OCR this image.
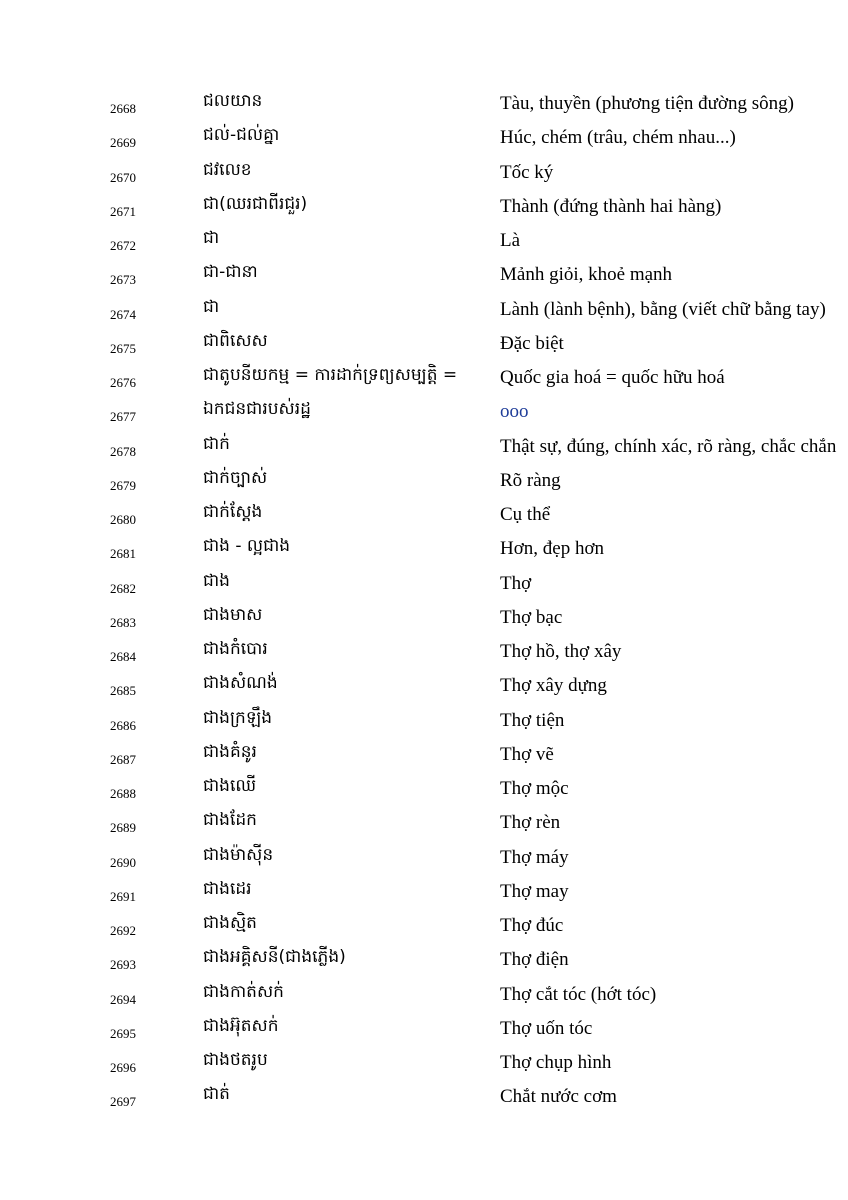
2668	ជលយាន	Tàu, thuyền (phương tiện đường sông)
2669	ជល់-ជល់គ្នា	Húc, chém (trâu, chém nhau...)
2670	ជវលេខ	Tốc ký
2671	ជា(ឈរជាពីរជួរ)	Thành (đứng thành hai hàng)
2672	ជា	Là
2673	ជា-ជានា	Mảnh giỏi, khoẻ mạnh
2674	ជា	Lành (lành bệnh), bằng (viết chữ bằng tay)
2675	ជាពិសេស	Đặc biệt
2676	ជាតូបនីយកម្ម = ការដាក់ទ្រព្យសម្បត្តិ = Quốc gia hoá = quốc hữu hoá
2677	ឯកជនជារបស់រដ្ឋ	ooo
2678	ជាក់	Thật sự, đúng, chính xác, rõ ràng, chắc chắn
2679	ជាក់ច្បាស់	Rõ ràng
2680	ជាក់ស្តែង	Cụ thể
2681	ជាង - ល្អជាង	Hơn, đẹp hơn
2682	ជាង	Thợ
2683	ជាងមាស	Thợ bạc
2684	ជាងកំបោរ	Thợ hồ, thợ xây
2685	ជាងសំណង់	Thợ xây dựng
2686	ជាងក្រឡឹង	Thợ tiện
2687	ជាងគំនូរ	Thợ vẽ
2688	ជាងឈើ	Thợ mộc
2689	ជាងដែក	Thợ rèn
2690	ជាងម៉ាស៊ីន	Thợ máy
2691	ជាងដេរ	Thợ may
2692	ជាងស្មិត	Thợ đúc
2693	ជាងអគ្គិសនី(ជាងភ្លើង)	Thợ điện
2694	ជាងកាត់សក់	Thợ cắt tóc (hớt tóc)
2695	ជាងអ៊ុតសក់	Thợ uốn tóc
2696	ជាងថតរូប	Thợ chụp hình
2697	ជាត់	Chắt nước cơm
